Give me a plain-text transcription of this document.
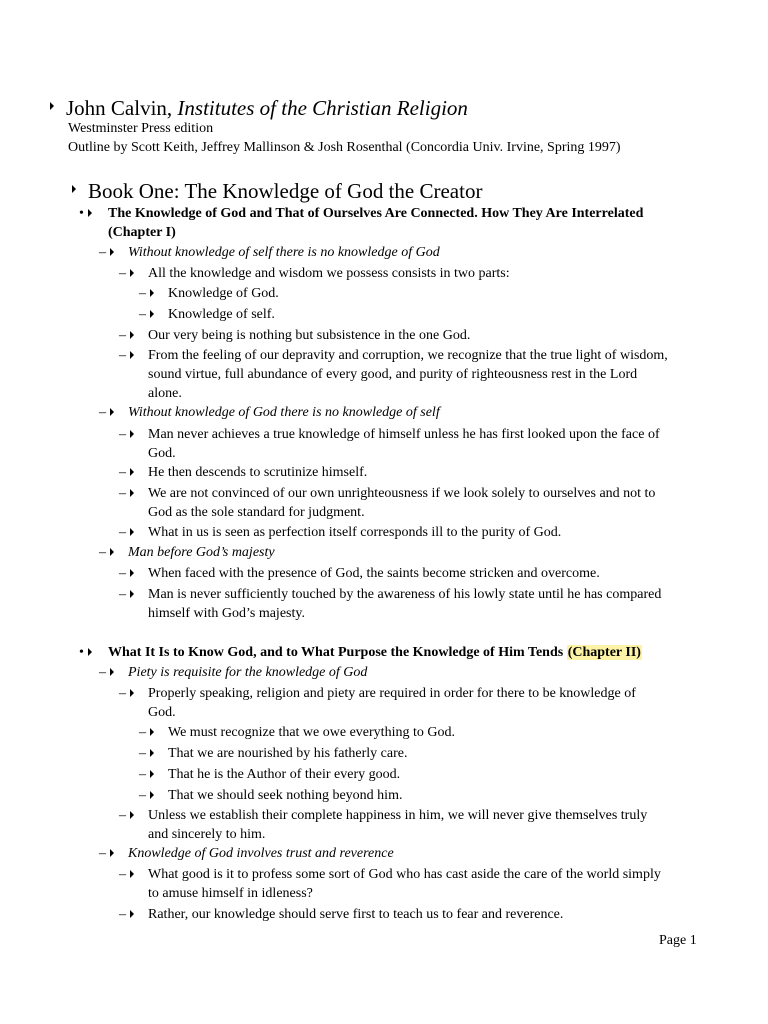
John Calvin, Institutes of the Christian Religion
Westminster Press edition
Outline by Scott Keith, Jeffrey Mallinson & Josh Rosenthal (Concordia Univ. Irvine, Spring 1997)
Book One: The Knowledge of God the Creator
•	The Knowledge of God and That of Ourselves Are Connected. How They Are Interrelated
(Chapter I)
–	Without knowledge of self there is no knowledge of God
–	All the knowledge and wisdom we possess consists in two parts:
–	Knowledge of God.
–	Knowledge of self.
–	Our very being is nothing but subsistence in the one God.
–	From the feeling of our depravity and corruption, we recognize that the true light of wisdom,
sound virtue, full abundance of every good, and purity of righteousness rest in the Lord
alone.
–	Without knowledge of God there is no knowledge of self
–	Man never achieves a true knowledge of himself unless he has first looked upon the face of
God.
–	He then descends to scrutinize himself.
–	We are not convinced of our own unrighteousness if we look solely to ourselves and not to
God as the sole standard for judgment.
–	What in us is seen as perfection itself corresponds ill to the purity of God.
–	Man before God’s majesty
–	When faced with the presence of God, the saints become stricken and overcome.
–	Man is never sufficiently touched by the awareness of his lowly state until he has compared
himself with God’s majesty.
•	What It Is to Know God, and to What Purpose the Knowledge of Him Tends (Chapter II)
–	Piety is requisite for the knowledge of God
–	Properly speaking, religion and piety are required in order for there to be knowledge of
God.
–	We must recognize that we owe everything to God.
–	That we are nourished by his fatherly care.
–	That he is the Author of their every good.
–	That we should seek nothing beyond him.
–	Unless we establish their complete happiness in him, we will never give themselves truly
and sincerely to him.
–	Knowledge of God involves trust and reverence
–	What good is it to profess some sort of God who has cast aside the care of the world simply
to amuse himself in idleness?
–	Rather, our knowledge should serve first to teach us to fear and reverence.
Page 1
